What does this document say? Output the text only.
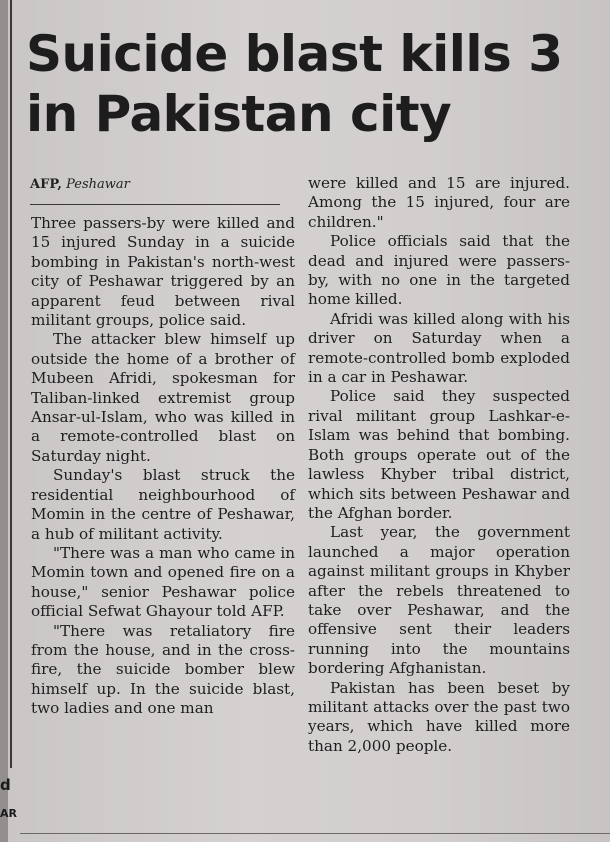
d
AR
Suicide blast kills 3 in Pakistan city
AFP, Peshawar

Three passers-by were killed and 15 injured Sunday in a suicide bombing in Pakistan's north-west city of Peshawar triggered by an apparent feud between rival militant groups, police said.

The attacker blew himself up outside the home of a brother of Mubeen Afridi, spokesman for Taliban-linked extremist group Ansar-ul-Islam, who was killed in a remote-controlled blast on Saturday night.

Sunday's blast struck the residential neighbourhood of Momin in the centre of Peshawar, a hub of militant activity.

"There was a man who came in Momin town and opened fire on a house," senior Peshawar police official Sefwat Ghayour told AFP.

"There was retaliatory fire from the house, and in the cross-fire, the suicide bomber blew himself up. In the suicide blast, two ladies and one man

were killed and 15 are injured. Among the 15 injured, four are children."

Police officials said that the dead and injured were passers-by, with no one in the targeted home killed.

Afridi was killed along with his driver on Saturday when a remote-controlled bomb exploded in a car in Peshawar.

Police said they suspected rival militant group Lashkar-e-Islam was behind that bombing. Both groups operate out of the lawless Khyber tribal district, which sits between Peshawar and the Afghan border.

Last year, the government launched a major operation against militant groups in Khyber after the rebels threatened to take over Peshawar, and the offensive sent their leaders running into the mountains bordering Afghanistan.

Pakistan has been beset by militant attacks over the past two years, which have killed more than 2,000 people.
